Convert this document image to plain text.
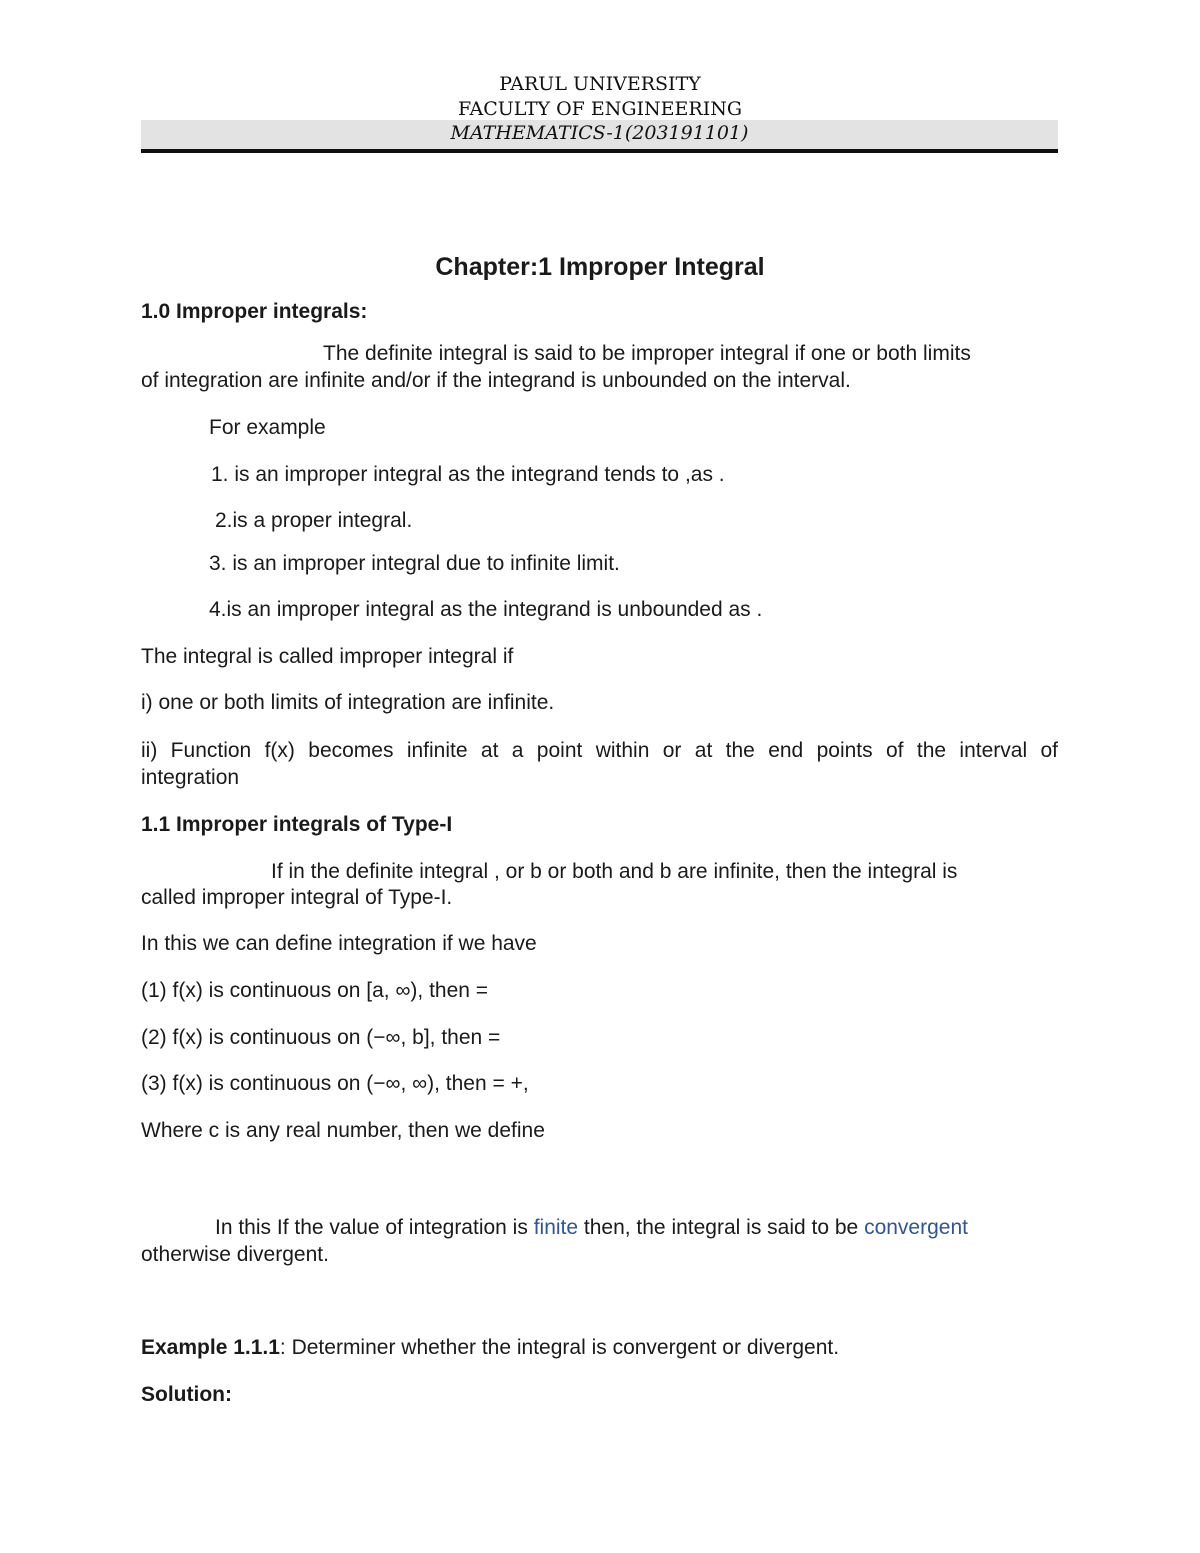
PARUL UNIVERSITY
FACULTY OF ENGINEERING
MATHEMATICS-1(203191101)
Chapter:1 Improper Integral
1.0 Improper integrals:
The definite integral is said to be improper integral if one or both limits
of integration are infinite and/or if the integrand is unbounded on the interval.
For example
1. is an improper integral as the integrand tends to ,as .
2.is a proper integral.
3. is an improper integral due to infinite limit.
4.is an improper integral as the integrand is unbounded as .
The integral is called improper integral if
i) one or both limits of integration are infinite.
ii) Function f(x) becomes infinite at a point within or at the end points of the interval of
integration
1.1 Improper integrals of Type-I
If in the definite integral , or b or both and b are infinite, then the integral is
called improper integral of Type-I.
In this we can define integration if we have
(1) f(x) is continuous on [a, ∞), then =
(2) f(x) is continuous on (−∞, b], then =
(3) f(x) is continuous on (−∞, ∞), then = +,
Where c is any real number, then we define
In this If the value of integration is finite then, the integral is said to be convergent
otherwise divergent.
Example 1.1.1: Determiner whether the integral is convergent or divergent.
Solution:
